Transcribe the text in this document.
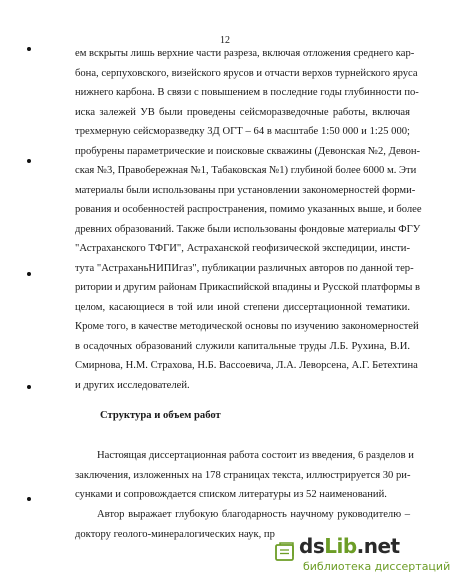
12
ем вскрыты лишь верхние части разреза, включая отложения среднего кар-
бона, серпуховского, визейского ярусов и отчасти верхов турнейского яруса
нижнего карбона. В связи с повышением в последние годы глубинности по-
иска залежей УВ были проведены сейсморазведочные работы, включая
трехмерную сейсморазведку 3Д ОГТ – 64 в масштабе 1:50 000 и 1:25 000;
пробурены параметрические и поисковые скважины (Девонская №2, Девон-
ская №3, Правобережная №1, Табаковская №1) глубиной более 6000 м. Эти
материалы были использованы при установлении закономерностей форми-
рования и особенностей распространения, помимо указанных выше, и более
древних образований. Также были использованы фондовые материалы ФГУ
"Астраханского ТФГИ", Астраханской геофизической экспедиции, инсти-
тута "АстраханьНИПИгаз", публикации различных авторов по данной тер-
ритории и другим районам Прикаспийской впадины и Русской платформы в
целом, касающиеся в той или иной степени диссертационной тематики.
Кроме того, в качестве методической основы по изучению закономерностей
в осадочных образований служили капитальные труды Л.Б. Рухина, В.И.
Смирнова, Н.М. Страхова, Н.Б. Вассоевича, Л.А. Леворсена, А.Г. Бетехтина
и других исследователей.
Структура и объем работ
Настоящая диссертационная работа состоит из введения, 6 разделов и
заключения, изложенных на 178 страницах текста, иллюстрируется 30 ри-
сунками и сопровождается списком литературы из 52 наименований.
Автор выражает глубокую благодарность научному руководителю –
доктору геолого-минералогических наук, пр	dsLib.net
библиотека диссертаций
